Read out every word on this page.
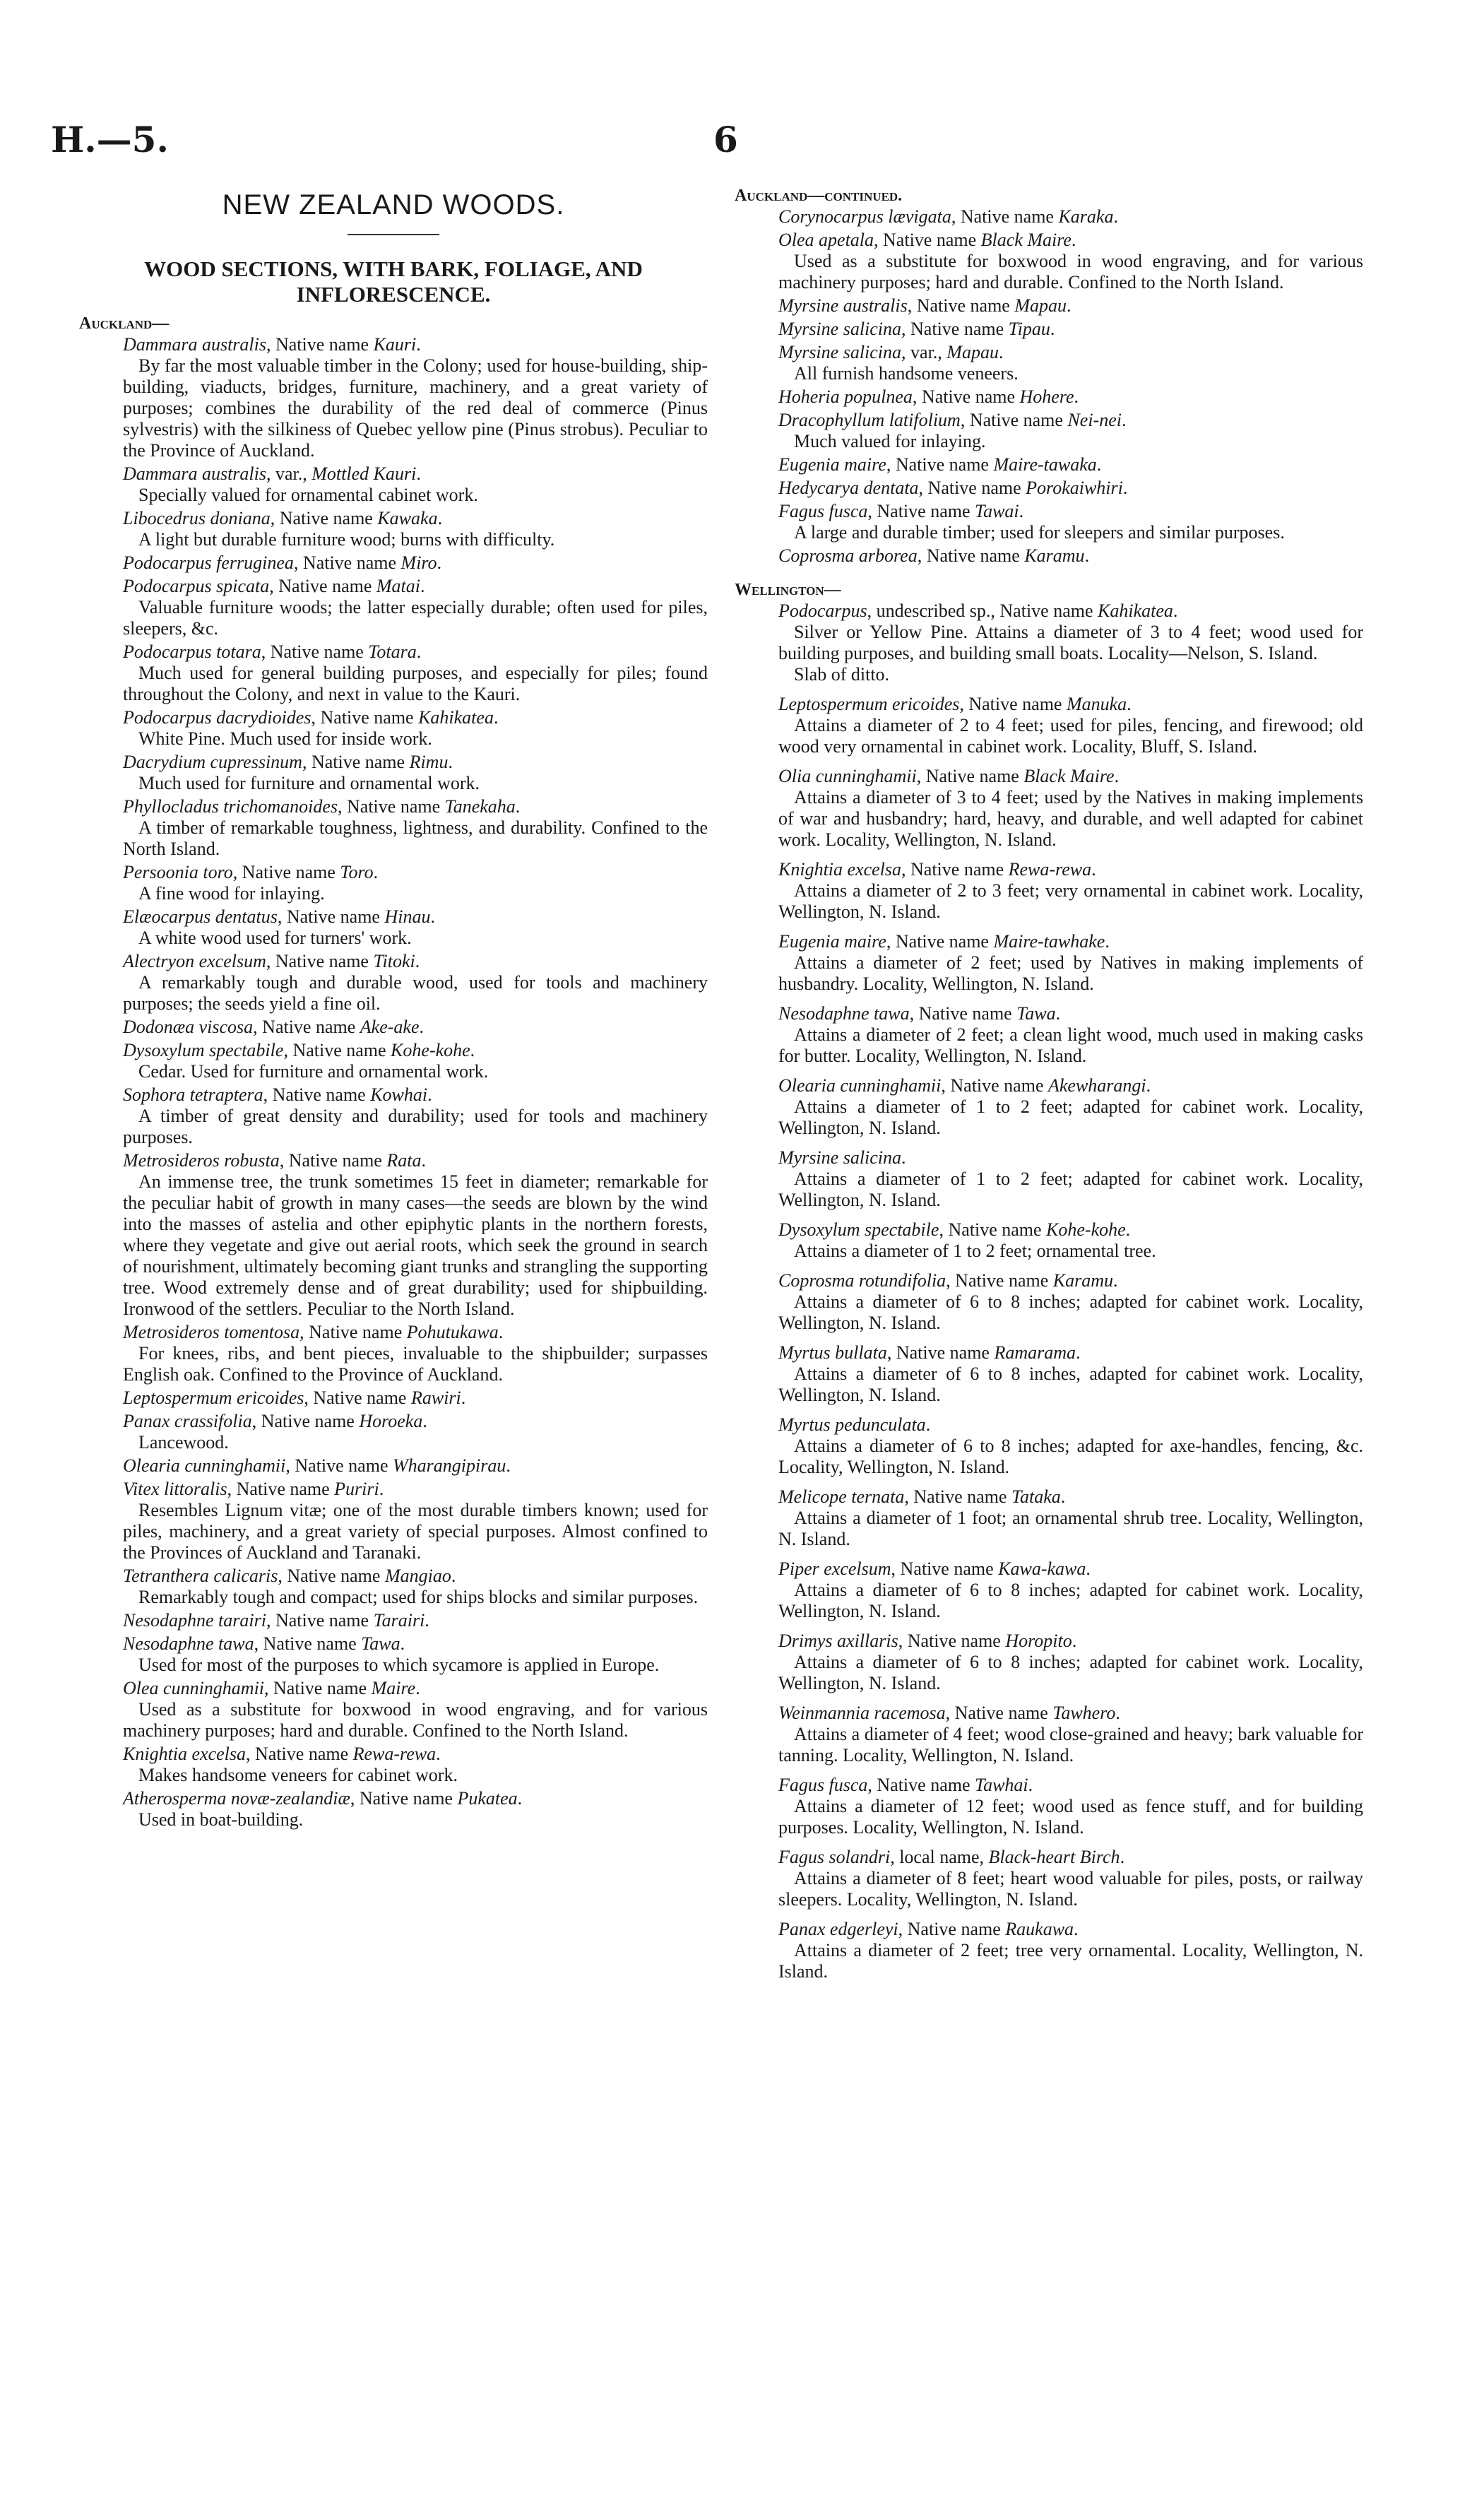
H.—5.	6
NEW ZEALAND WOODS.
WOOD SECTIONS, WITH BARK, FOLIAGE, AND INFLORESCENCE.
Auckland—
Dammara australis, Native name Kauri.
By far the most valuable timber in the Colony; used for house-building, ship-building, viaducts, bridges, furniture, machinery, and a great variety of purposes; combines the durability of the red deal of commerce (Pinus sylvestris) with the silkiness of Quebec yellow pine (Pinus strobus). Peculiar to the Province of Auckland.
Dammara australis, var., Mottled Kauri.
Specially valued for ornamental cabinet work.
Libocedrus doniana, Native name Kawaka.
A light but durable furniture wood; burns with difficulty.
Podocarpus ferruginea, Native name Miro.
Podocarpus spicata, Native name Matai.
Valuable furniture woods; the latter especially durable; often used for piles, sleepers, &c.
Podocarpus totara, Native name Totara.
Much used for general building purposes, and especially for piles; found throughout the Colony, and next in value to the Kauri.
Podocarpus dacrydioides, Native name Kahikatea.
White Pine. Much used for inside work.
Dacrydium cupressinum, Native name Rimu.
Much used for furniture and ornamental work.
Phyllocladus trichomanoides, Native name Tanekaha.
A timber of remarkable toughness, lightness, and durability. Confined to the North Island.
Persoonia toro, Native name Toro.
A fine wood for inlaying.
Elæocarpus dentatus, Native name Hinau.
A white wood used for turners' work.
Alectryon excelsum, Native name Titoki.
A remarkably tough and durable wood, used for tools and machinery purposes; the seeds yield a fine oil.
Dodonæa viscosa, Native name Ake-ake.
Dysoxylum spectabile, Native name Kohe-kohe.
Cedar. Used for furniture and ornamental work.
Sophora tetraptera, Native name Kowhai.
A timber of great density and durability; used for tools and machinery purposes.
Metrosideros robusta, Native name Rata.
An immense tree, the trunk sometimes 15 feet in diameter; remarkable for the peculiar habit of growth in many cases—the seeds are blown by the wind into the masses of astelia and other epiphytic plants in the northern forests, where they vegetate and give out aerial roots, which seek the ground in search of nourishment, ultimately becoming giant trunks and strangling the supporting tree. Wood extremely dense and of great durability; used for shipbuilding. Ironwood of the settlers. Peculiar to the North Island.
Metrosideros tomentosa, Native name Pohutukawa.
For knees, ribs, and bent pieces, invaluable to the shipbuilder; surpasses English oak. Confined to the Province of Auckland.
Leptospermum ericoides, Native name Rawiri.
Panax crassifolia, Native name Horoeka.
Lancewood.
Olearia cunninghamii, Native name Wharangipirau.
Vitex littoralis, Native name Puriri.
Resembles Lignum vitæ; one of the most durable timbers known; used for piles, machinery, and a great variety of special purposes. Almost confined to the Provinces of Auckland and Taranaki.
Tetranthera calicaris, Native name Mangiao.
Remarkably tough and compact; used for ships blocks and similar purposes.
Nesodaphne tarairi, Native name Tarairi.
Nesodaphne tawa, Native name Tawa.
Used for most of the purposes to which sycamore is applied in Europe.
Olea cunninghamii, Native name Maire.
Used as a substitute for boxwood in wood engraving, and for various machinery purposes; hard and durable. Confined to the North Island.
Knightia excelsa, Native name Rewa-rewa.
Makes handsome veneers for cabinet work.
Atherosperma novæ-zealandiæ, Native name Pukatea.
Used in boat-building.
Auckland—continued.
Corynocarpus lævigata, Native name Karaka.
Olea apetala, Native name Black Maire.
Used as a substitute for boxwood in wood engraving, and for various machinery purposes; hard and durable. Confined to the North Island.
Myrsine australis, Native name Mapau.
Myrsine salicina, Native name Tipau.
Myrsine salicina, var., Mapau.
All furnish handsome veneers.
Hoheria populnea, Native name Hohere.
Dracophyllum latifolium, Native name Nei-nei.
Much valued for inlaying.
Eugenia maire, Native name Maire-tawaka.
Hedycarya dentata, Native name Porokaiwhiri.
Fagus fusca, Native name Tawai.
A large and durable timber; used for sleepers and similar purposes.
Coprosma arborea, Native name Karamu.
Wellington—
Podocarpus, undescribed sp., Native name Kahikatea.
Silver or Yellow Pine. Attains a diameter of 3 to 4 feet; wood used for building purposes, and building small boats. Locality—Nelson, S. Island.
Slab of ditto.
Leptospermum ericoides, Native name Manuka.
Attains a diameter of 2 to 4 feet; used for piles, fencing, and firewood; old wood very ornamental in cabinet work. Locality, Bluff, S. Island.
Olia cunninghamii, Native name Black Maire.
Attains a diameter of 3 to 4 feet; used by the Natives in making implements of war and husbandry; hard, heavy, and durable, and well adapted for cabinet work. Locality, Wellington, N. Island.
Knightia excelsa, Native name Rewa-rewa.
Attains a diameter of 2 to 3 feet; very ornamental in cabinet work. Locality, Wellington, N. Island.
Eugenia maire, Native name Maire-tawhake.
Attains a diameter of 2 feet; used by Natives in making implements of husbandry. Locality, Wellington, N. Island.
Nesodaphne tawa, Native name Tawa.
Attains a diameter of 2 feet; a clean light wood, much used in making casks for butter. Locality, Wellington, N. Island.
Olearia cunninghamii, Native name Akewharangi.
Attains a diameter of 1 to 2 feet; adapted for cabinet work. Locality, Wellington, N. Island.
Myrsine salicina.
Attains a diameter of 1 to 2 feet; adapted for cabinet work. Locality, Wellington, N. Island.
Dysoxylum spectabile, Native name Kohe-kohe.
Attains a diameter of 1 to 2 feet; ornamental tree.
Coprosma rotundifolia, Native name Karamu.
Attains a diameter of 6 to 8 inches; adapted for cabinet work. Locality, Wellington, N. Island.
Myrtus bullata, Native name Ramarama.
Attains a diameter of 6 to 8 inches, adapted for cabinet work. Locality, Wellington, N. Island.
Myrtus pedunculata.
Attains a diameter of 6 to 8 inches; adapted for axe-handles, fencing, &c. Locality, Wellington, N. Island.
Melicope ternata, Native name Tataka.
Attains a diameter of 1 foot; an ornamental shrub tree. Locality, Wellington, N. Island.
Piper excelsum, Native name Kawa-kawa.
Attains a diameter of 6 to 8 inches; adapted for cabinet work. Locality, Wellington, N. Island.
Drimys axillaris, Native name Horopito.
Attains a diameter of 6 to 8 inches; adapted for cabinet work. Locality, Wellington, N. Island.
Weinmannia racemosa, Native name Tawhero.
Attains a diameter of 4 feet; wood close-grained and heavy; bark valuable for tanning. Locality, Wellington, N. Island.
Fagus fusca, Native name Tawhai.
Attains a diameter of 12 feet; wood used as fence stuff, and for building purposes. Locality, Wellington, N. Island.
Fagus solandri, local name, Black-heart Birch.
Attains a diameter of 8 feet; heart wood valuable for piles, posts, or railway sleepers. Locality, Wellington, N. Island.
Panax edgerleyi, Native name Raukawa.
Attains a diameter of 2 feet; tree very ornamental. Locality, Wellington, N. Island.
